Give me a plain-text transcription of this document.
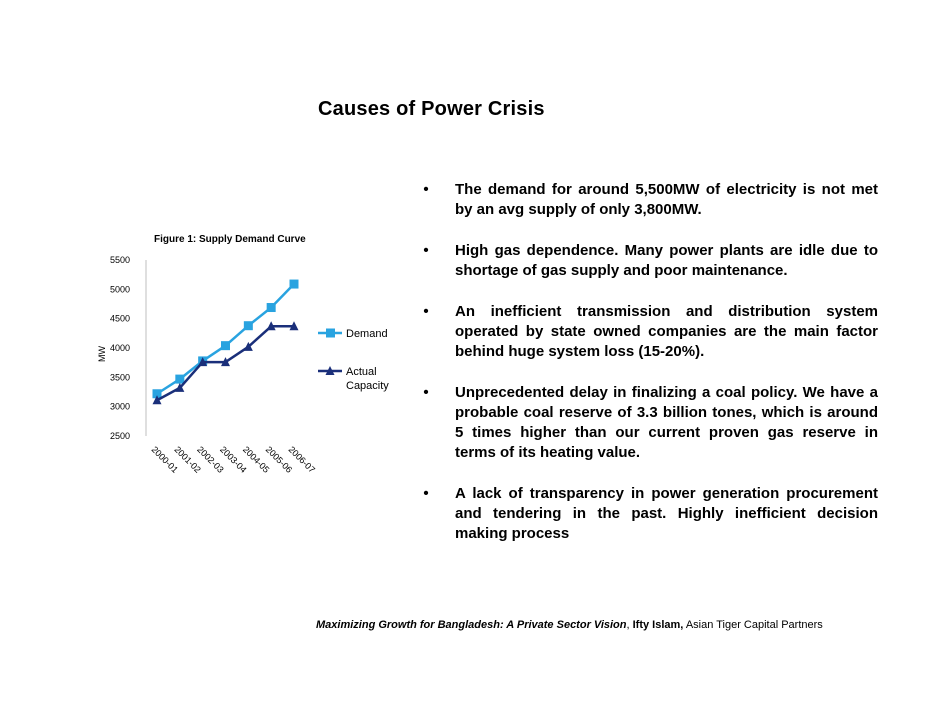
Causes of Power Crisis
Figure 1: Supply Demand Curve
MW
2500
3000
3500
4000
4500
5000
5500
2000-01
2001-02
2002-03
2003-04
2004-05
2005-06
2006-07
Demand
Actual Capacity
• The demand for around 5,500MW of electricity is not met by an avg supply of only 3,800MW.
• High gas dependence. Many power plants are idle due to shortage of gas supply and poor maintenance.
• An inefficient transmission and distribution system operated by state owned companies are the main factor behind huge system loss (15-20%).
• Unprecedented delay in finalizing a coal policy. We have a probable coal reserve of 3.3 billion tones, which is around 5 times higher than our current proven gas reserve in terms of its heating value.
• A lack of transparency in power generation procurement and tendering in the past. Highly inefficient decision making process
Maximizing Growth for Bangladesh: A Private Sector Vision, Ifty Islam, Asian Tiger Capital Partners
